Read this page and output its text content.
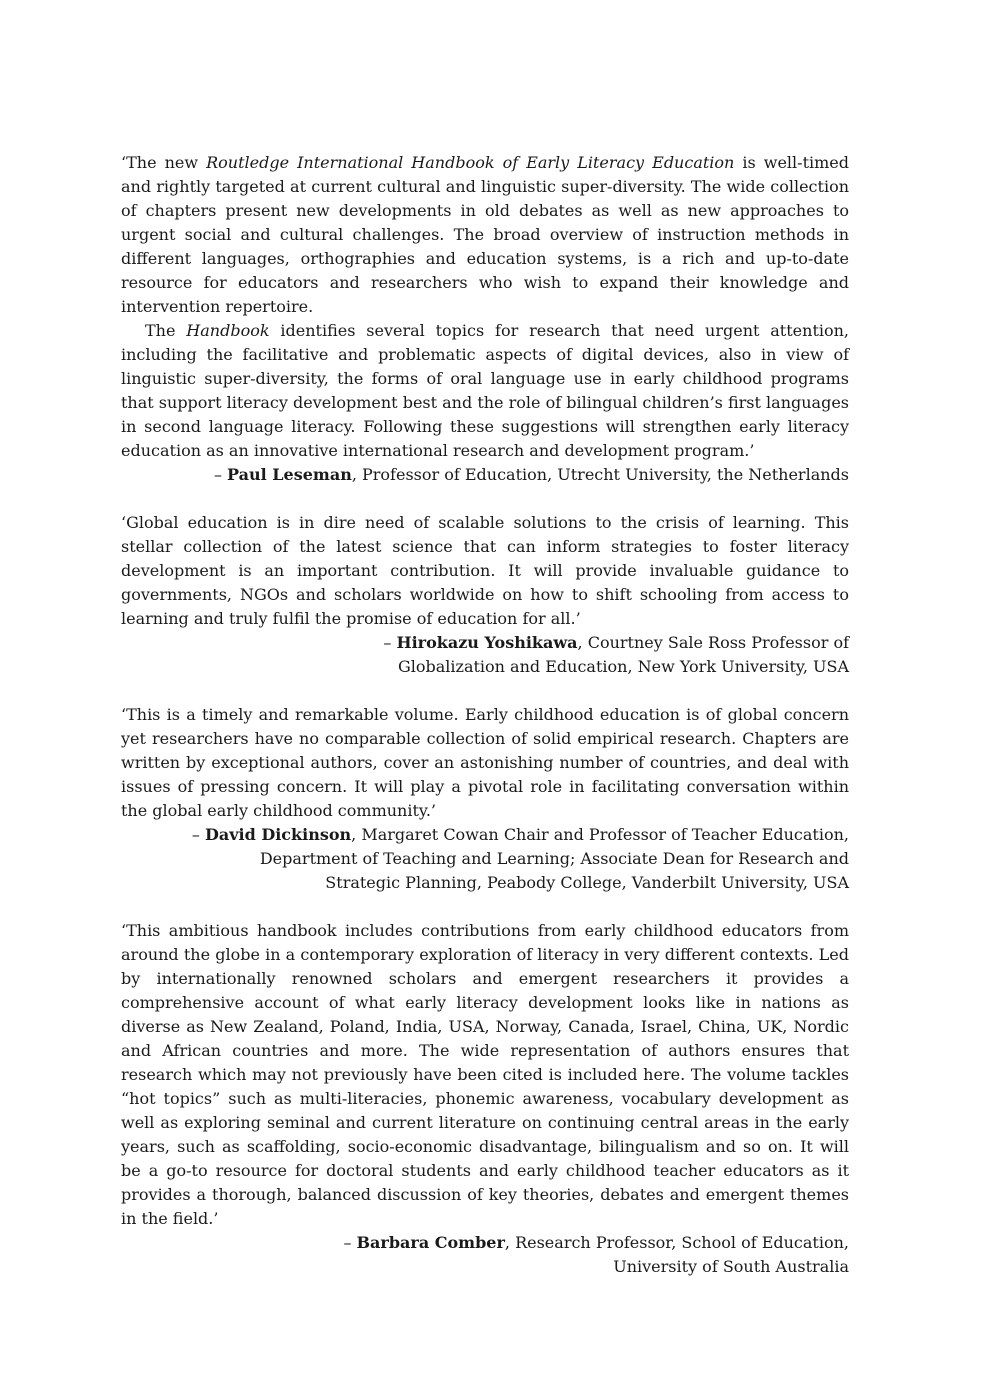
‘The new Routledge International Handbook of Early Literacy Education is well-timed and rightly targeted at current cultural and linguistic super-diversity. The wide collection of chapters present new developments in old debates as well as new approaches to urgent social and cultural challenges. The broad overview of instruction methods in different languages, orthographies and education systems, is a rich and up-to-date resource for educators and researchers who wish to expand their knowledge and intervention repertoire.

The Handbook identifies several topics for research that need urgent attention, including the facilitative and problematic aspects of digital devices, also in view of linguistic super-diversity, the forms of oral language use in early childhood programs that support literacy development best and the role of bilingual children’s first languages in second language literacy. Following these suggestions will strengthen early literacy education as an innovative international research and development program.’

– Paul Leseman, Professor of Education, Utrecht University, the Netherlands

‘Global education is in dire need of scalable solutions to the crisis of learning. This stellar collection of the latest science that can inform strategies to foster literacy development is an important contribution. It will provide invaluable guidance to governments, NGOs and scholars worldwide on how to shift schooling from access to learning and truly fulfil the promise of education for all.’

– Hirokazu Yoshikawa, Courtney Sale Ross Professor of

Globalization and Education, New York University, USA

‘This is a timely and remarkable volume. Early childhood education is of global concern yet researchers have no comparable collection of solid empirical research. Chapters are written by exceptional authors, cover an astonishing number of countries, and deal with issues of pressing concern. It will play a pivotal role in facilitating conversation within the global early childhood community.’

– David Dickinson, Margaret Cowan Chair and Professor of Teacher Education,

Department of Teaching and Learning; Associate Dean for Research and

Strategic Planning, Peabody College, Vanderbilt University, USA

‘This ambitious handbook includes contributions from early childhood educators from around the globe in a contemporary exploration of literacy in very different contexts. Led by internationally renowned scholars and emergent researchers it provides a comprehensive account of what early literacy development looks like in nations as diverse as New Zealand, Poland, India, USA, Norway, Canada, Israel, China, UK, Nordic and African countries and more. The wide representation of authors ensures that research which may not previously have been cited is included here. The volume tackles “hot topics” such as multi-literacies, phonemic awareness, vocabulary development as well as exploring seminal and current literature on continuing central areas in the early years, such as scaffolding, socio-economic disadvantage, bilingualism and so on. It will be a go-to resource for doctoral students and early childhood teacher educators as it provides a thorough, balanced discussion of key theories, debates and emergent themes in the field.’

– Barbara Comber, Research Professor, School of Education,

University of South Australia
